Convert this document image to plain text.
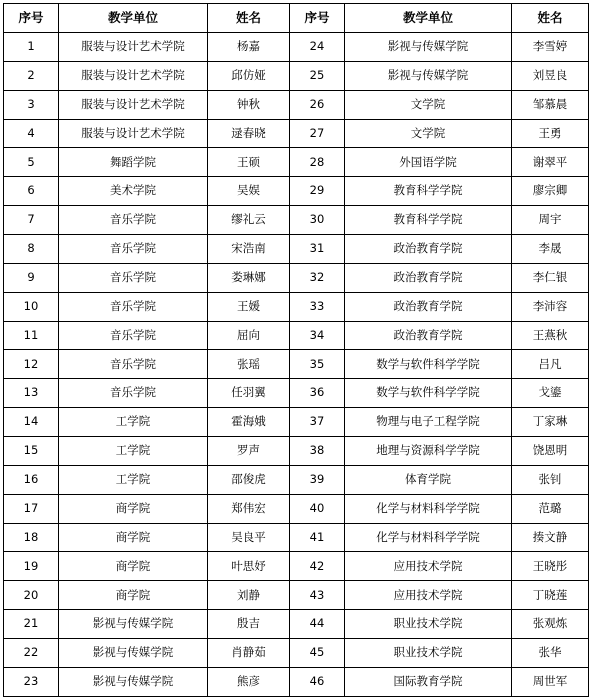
序号	教学单位	姓名	序号	教学单位	姓名
1	服装与设计艺术学院	杨嘉	24	影视与传媒学院	李雪婷
2	服装与设计艺术学院	邱仿娅	25	影视与传媒学院	刘昱良
3	服装与设计艺术学院	钟秋	26	文学院	邹慕晨
4	服装与设计艺术学院	逯春晓	27	文学院	王勇
5	舞蹈学院	王硕	28	外国语学院	谢翠平
6	美术学院	吴娱	29	教育科学学院	廖宗卿
7	音乐学院	缪礼云	30	教育科学学院	周宇
8	音乐学院	宋浩南	31	政治教育学院	李晟
9	音乐学院	娄琳娜	32	政治教育学院	李仁银
10	音乐学院	王媛	33	政治教育学院	李沛容
11	音乐学院	屈向	34	政治教育学院	王燕秋
12	音乐学院	张瑶	35	数学与软件科学学院	吕凡
13	音乐学院	任羽翼	36	数学与软件科学学院	戈鎏
14	工学院	霍海娥	37	物理与电子工程学院	丁家琳
15	工学院	罗声	38	地理与资源科学学院	饶恩明
16	工学院	邵俊虎	39	体育学院	张钊
17	商学院	郑伟宏	40	化学与材料科学学院	范璐
18	商学院	吴良平	41	化学与材料科学学院	揍文静
19	商学院	叶思妤	42	应用技术学院	王晓彤
20	商学院	刘静	43	应用技术学院	丁晓莲
21	影视与传媒学院	殷吉	44	职业技术学院	张观炼
22	影视与传媒学院	肖静茹	45	职业技术学院	张华
23	影视与传媒学院	熊彦	46	国际教育学院	周世军
